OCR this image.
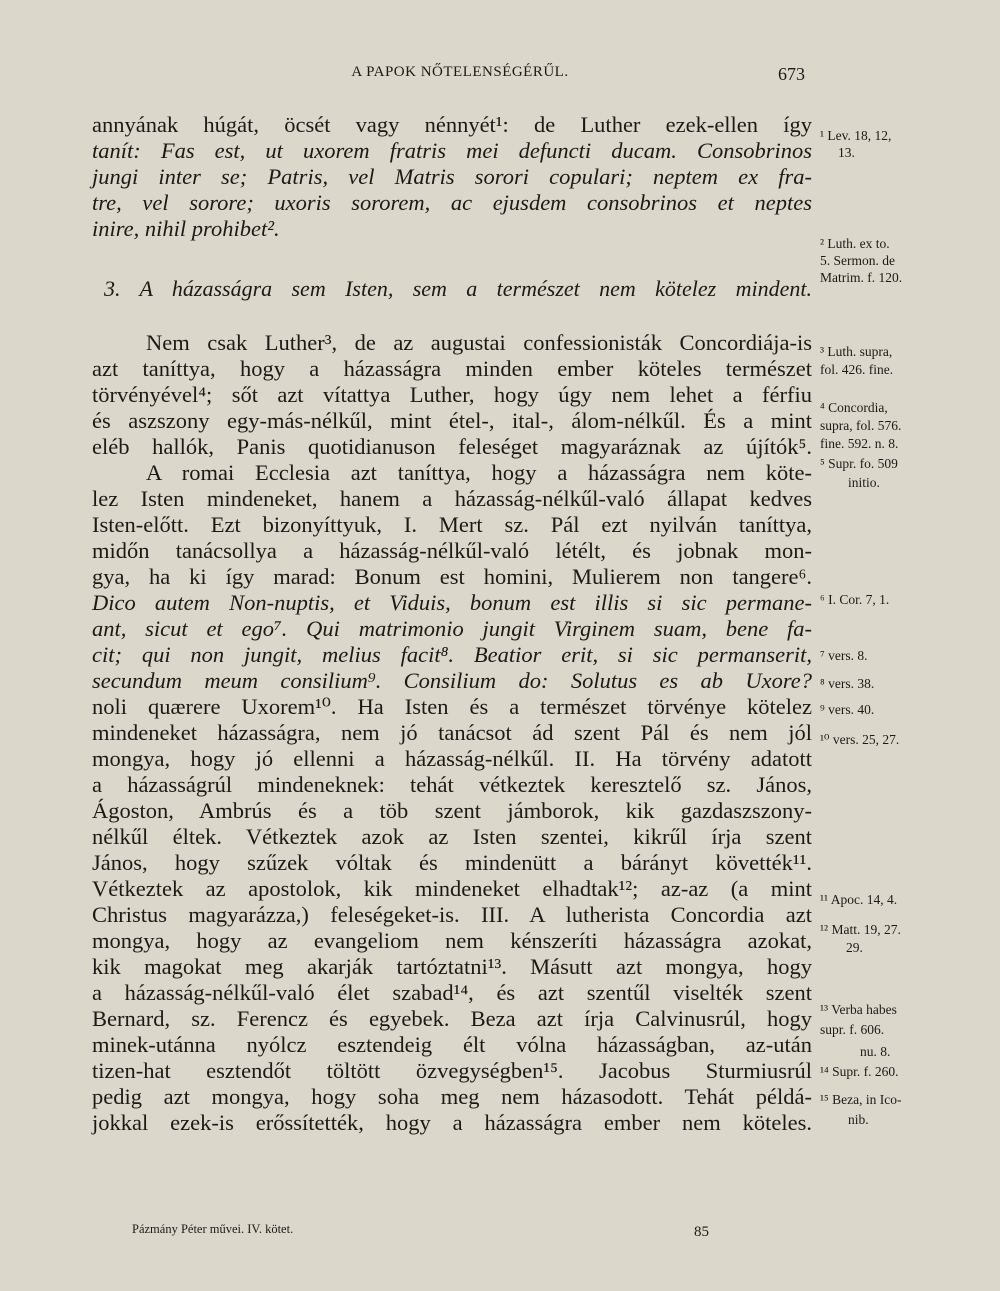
A PAPOK NŐTELENSÉGÉRŰL.	673
annyának húgát, öcsét vagy nénnyét¹: de Luther ezek-ellen így
tanít: Fas est, ut uxorem fratris mei defuncti ducam. Consobrinos
jungi inter se; Patris, vel Matris sorori copulari; neptem ex fra-
tre, vel sorore; uxoris sororem, ac ejusdem consobrinos et neptes
inire, nihil prohibet².
3. A házasságra sem Isten, sem a természet nem kötelez mindent.
Nem csak Luther³, de az augustai confessionisták Concordiája-is
azt taníttya, hogy a házasságra minden ember köteles természet
törvényével⁴; sőt azt vítattya Luther, hogy úgy nem lehet a férfiu
és aszszony egy-más-nélkűl, mint étel-, ital-, álom-nélkűl. És a mint
eléb hallók, Panis quotidianuson feleséget magyaráznak az újítók⁵.
A romai Ecclesia azt taníttya, hogy a házasságra nem köte-
lez Isten mindeneket, hanem a házasság-nélkűl-való állapat kedves
Isten-előtt. Ezt bizonyíttyuk, I. Mert sz. Pál ezt nyilván taníttya,
midőn tanácsollya a házasság-nélkűl-való létélt, és jobnak mon-
gya, ha ki így marad: Bonum est homini, Mulierem non tangere⁶.
Dico autem Non-nuptis, et Viduis, bonum est illis si sic permane-
ant, sicut et ego⁷. Qui matrimonio jungit Virginem suam, bene fa-
cit; qui non jungit, melius facit⁸. Beatior erit, si sic permanserit,
secundum meum consilium⁹. Consilium do: Solutus es ab Uxore?
noli quærere Uxorem¹⁰. Ha Isten és a természet törvénye kötelez
mindeneket házasságra, nem jó tanácsot ád szent Pál és nem jól
mongya, hogy jó ellenni a házasság-nélkűl. II. Ha törvény adatott
a házasságrúl mindeneknek: tehát vétkeztek keresztelő sz. János,
Ágoston, Ambrús és a töb szent jámborok, kik gazdaszszony-
nélkűl éltek. Vétkeztek azok az Isten szentei, kikrűl írja szent
János, hogy szűzek vóltak és mindenütt a bárányt követték¹¹.
Vétkeztek az apostolok, kik mindeneket elhadtak¹²; az-az (a mint
Christus magyarázza,) feleségeket-is. III. A lutherista Concordia azt
mongya, hogy az evangeliom nem kénszeríti házasságra azokat,
kik magokat meg akarják tartóztatni¹³. Másutt azt mongya, hogy
a házasság-nélkűl-való élet szabad¹⁴, és azt szentűl viselték szent
Bernard, sz. Ferencz és egyebek. Beza azt írja Calvinusrúl, hogy
minek-utánna nyólcz esztendeig élt vólna házasságban, az-után
tizen-hat esztendőt töltött özvegységben¹⁵. Jacobus Sturmiusrúl
pedig azt mongya, hogy soha meg nem házasodott. Tehát példá-
jokkal ezek-is erőssítették, hogy a házasságra ember nem köteles.
¹ Lev. 18, 12,
13.
² Luth. ex to.
5. Sermon. de
Matrim. f. 120.
³ Luth. supra,
fol. 426. fine.
⁴ Concordia,
supra, fol. 576.
fine. 592. n. 8.
⁵ Supr. fo. 509
initio.
⁶ I. Cor. 7, 1.
⁷ vers. 8.
⁸ vers. 38.
⁹ vers. 40.
¹⁰ vers. 25, 27.
¹¹ Apoc. 14, 4.
¹² Matt. 19, 27.
29.
¹³ Verba habes
supr. f. 606.
nu. 8.
¹⁴ Supr. f. 260.
¹⁵ Beza, in Ico-
nib.
Pázmány Péter művei. IV. kötet.	85
